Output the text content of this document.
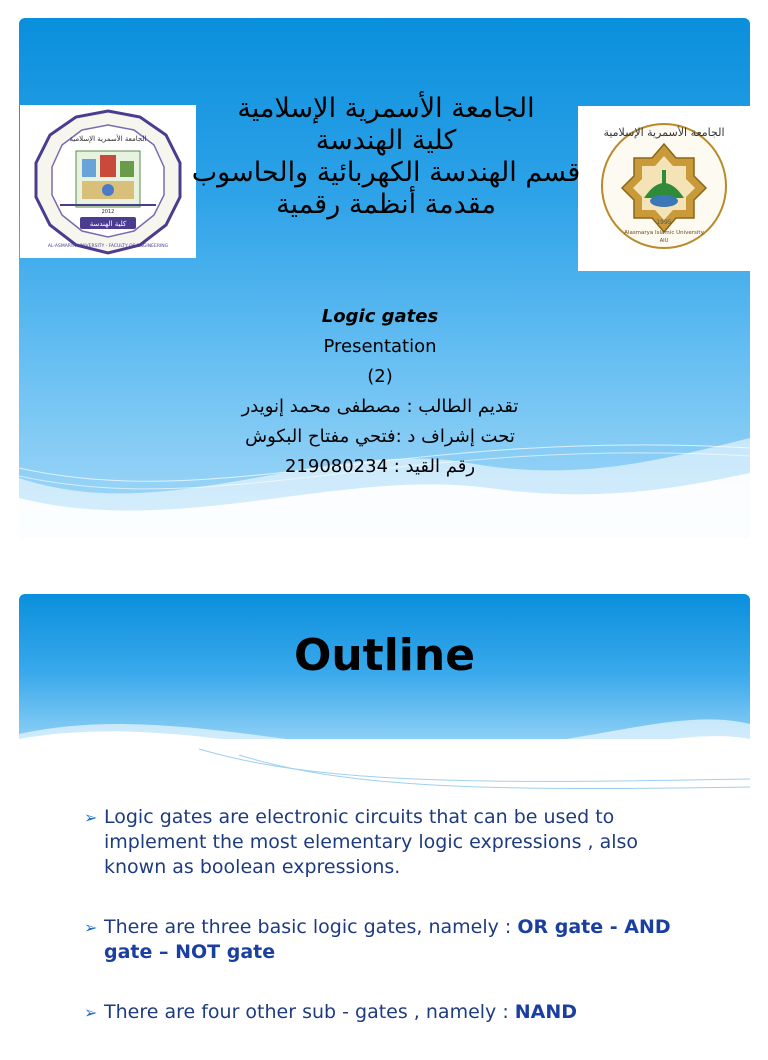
كلية الهندسة
الجامعة الأسمرية الإسلامية
2012
AL-ASMARYA UNIVERSITY - FACULTY OF ENGINEERING
الجامعة الأسمرية الإسلامية
1995
Alasmarya Islamic University
AIU
الجامعة الأسمرية الإسلامية
كلية الهندسة
قسم الهندسة الكهربائية والحاسوب
مقدمة أنظمة رقمية
Logic gates
Presentation
(2)
تقديم الطالب : مصطفى محمد إنويدر
تحت إشراف د :فتحي مفتاح البكوش
رقم القيد : 219080234
Outline
➢ Logic gates are electronic circuits that can be used to implement the most elementary logic expressions , also known as boolean expressions.
➢ There are three basic logic gates, namely : OR gate - AND gate – NOT gate
➢ There are four other sub - gates , namely : NAND
